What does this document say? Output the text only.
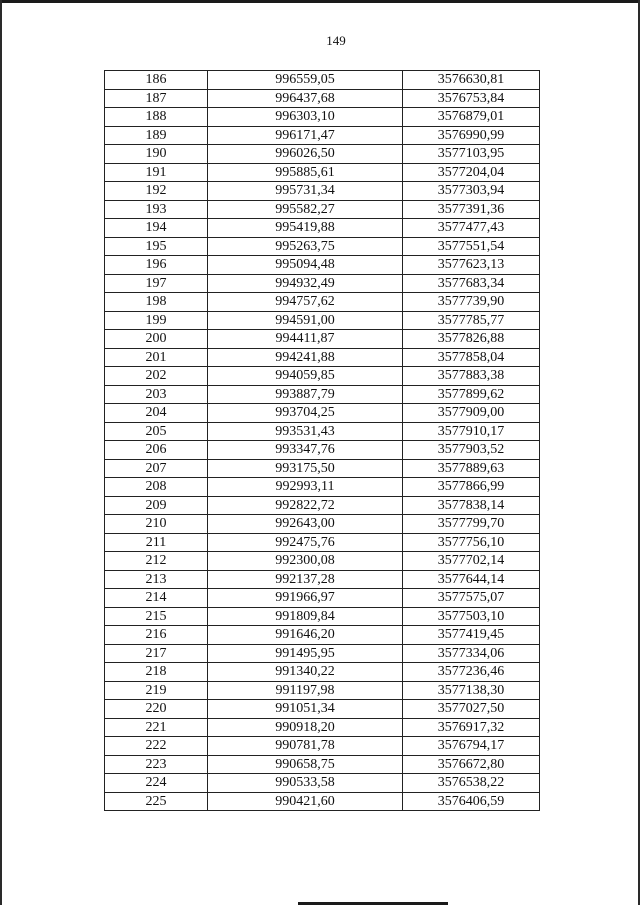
149
186	996559,05	3576630,81
187	996437,68	3576753,84
188	996303,10	3576879,01
189	996171,47	3576990,99
190	996026,50	3577103,95
191	995885,61	3577204,04
192	995731,34	3577303,94
193	995582,27	3577391,36
194	995419,88	3577477,43
195	995263,75	3577551,54
196	995094,48	3577623,13
197	994932,49	3577683,34
198	994757,62	3577739,90
199	994591,00	3577785,77
200	994411,87	3577826,88
201	994241,88	3577858,04
202	994059,85	3577883,38
203	993887,79	3577899,62
204	993704,25	3577909,00
205	993531,43	3577910,17
206	993347,76	3577903,52
207	993175,50	3577889,63
208	992993,11	3577866,99
209	992822,72	3577838,14
210	992643,00	3577799,70
211	992475,76	3577756,10
212	992300,08	3577702,14
213	992137,28	3577644,14
214	991966,97	3577575,07
215	991809,84	3577503,10
216	991646,20	3577419,45
217	991495,95	3577334,06
218	991340,22	3577236,46
219	991197,98	3577138,30
220	991051,34	3577027,50
221	990918,20	3576917,32
222	990781,78	3576794,17
223	990658,75	3576672,80
224	990533,58	3576538,22
225	990421,60	3576406,59
